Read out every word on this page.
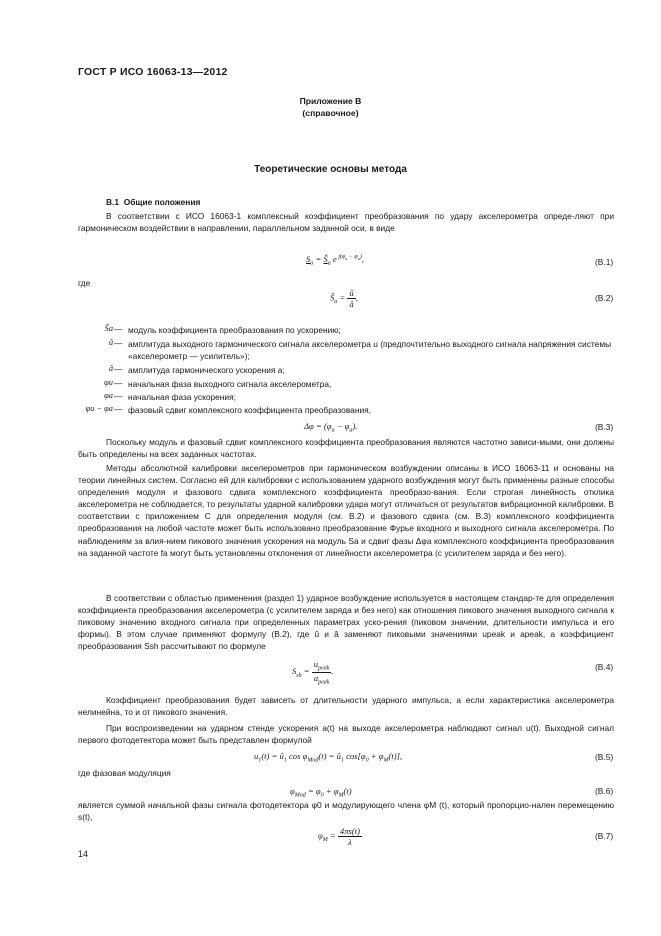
ГОСТ Р ИСО 16063-13—2012
Приложение В
(справочное)
Теоретические основы метода
В.1 Общие положения
В соответствии с ИСО 16063-1 комплексный коэффициент преобразования по удару акселерометра опреде-ляют при гармоническом воздействии в направлении, параллельном заданной оси, в виде
$S_a$ = $Ŝ_a$ e $^{j(\varphi_u - \varphi_a)}$,	(B.1)
где
$Ŝ_a = \frac{û}{â}$ ,	(B.2)
Ŝa — модуль коэффициента преобразования по ускорению;
û — амплитуда выходного гармонического сигнала акселерометра u (предпочтительно выходного сигнала напряжения системы «акселерометр — усилитель»);
â — амплитуда гармонического ускорения a;
φu — начальная фаза выходного сигнала акселерометра,
φa — начальная фаза ускорения;
φu − φa — фазовый сдвиг комплексного коэффициента преобразования,
$\Delta\varphi = (\varphi_u - \varphi_a)$.	(B.3)
Поскольку модуль и фазовый сдвиг комплексного коэффициента преобразования являются частотно зависи-мыми, они должны быть определены на всех заданных частотах.
Методы абсолютной калибровки акселерометров при гармоническом возбуждении описаны в ИСО 16063-11 и основаны на теории линейных систем. Согласно ей для калибровки с использованием ударного возбуждения могут быть применены разные способы определения модуля и фазового сдвига комплексного коэффициента преобразо-вания. Если строгая линейность отклика акселерометра не соблюдается, то результаты ударной калибровки удара могут отличаться от результатов вибрационной калибровки. В соответствии с приложением С для определения модуля (см. В.2) и фазового сдвига (см. В.3) комплексного коэффициента преобразования на любой частоте может быть использовано преобразование Фурье входного и выходного сигнала акселерометра. По наблюдениям за влия-нием пикового значения ускорения на модуль Sa и сдвиг фазы Δφa комплексного коэффициента преобразования на заданной частоте fa могут быть установлены отклонения от линейности акселерометра (с усилителем заряда и без него).
В соответствии с областью применения (раздел 1) ударное возбуждение используется в настоящем стандар-те для определения коэффициента преобразования акселерометра (с усилителем заряда и без него) как отношения пикового значения выходного сигнала к пиковому значению входного сигнала при определенных параметрах уско-рения (пиковом значении, длительности импульса и его формы). В этом случае применяют формулу (B.2), где û и â заменяют пиковыми значениями upeak и apeak, а коэффициент преобразования Ssh рассчитывают по формуле
$S_{sh} = \frac{u_{peak}}{a_{peak}}$ .	(B.4)
Коэффициент преобразования будет зависеть от длительности ударного импульса, а если характеристика акселерометра нелинейна, то и от пикового значения.
При воспроизведении на ударном стенде ускорения a(t) на выходе акселерометра наблюдают сигнал u(t). Выходной сигнал первого фотодетектора может быть представлен формулой
$u_1(t)$ = $û_1$ $\cos \varphi_{Mod}(t)$ = $û_1$ $\cos[\varphi_0 + \varphi_M(t)]$,	(B.5)
где фазовая модуляция
$\varphi_{Mod} = \varphi_0 + \varphi_M(t)$	(B.6)
является суммой начальной фазы сигнала фотодетектора φ0 и модулирующего члена φM (t), который пропорцио-нален перемещению s(t),
$\varphi_M = \frac{4\pi s(t)}{\lambda}$	(B.7)
14
